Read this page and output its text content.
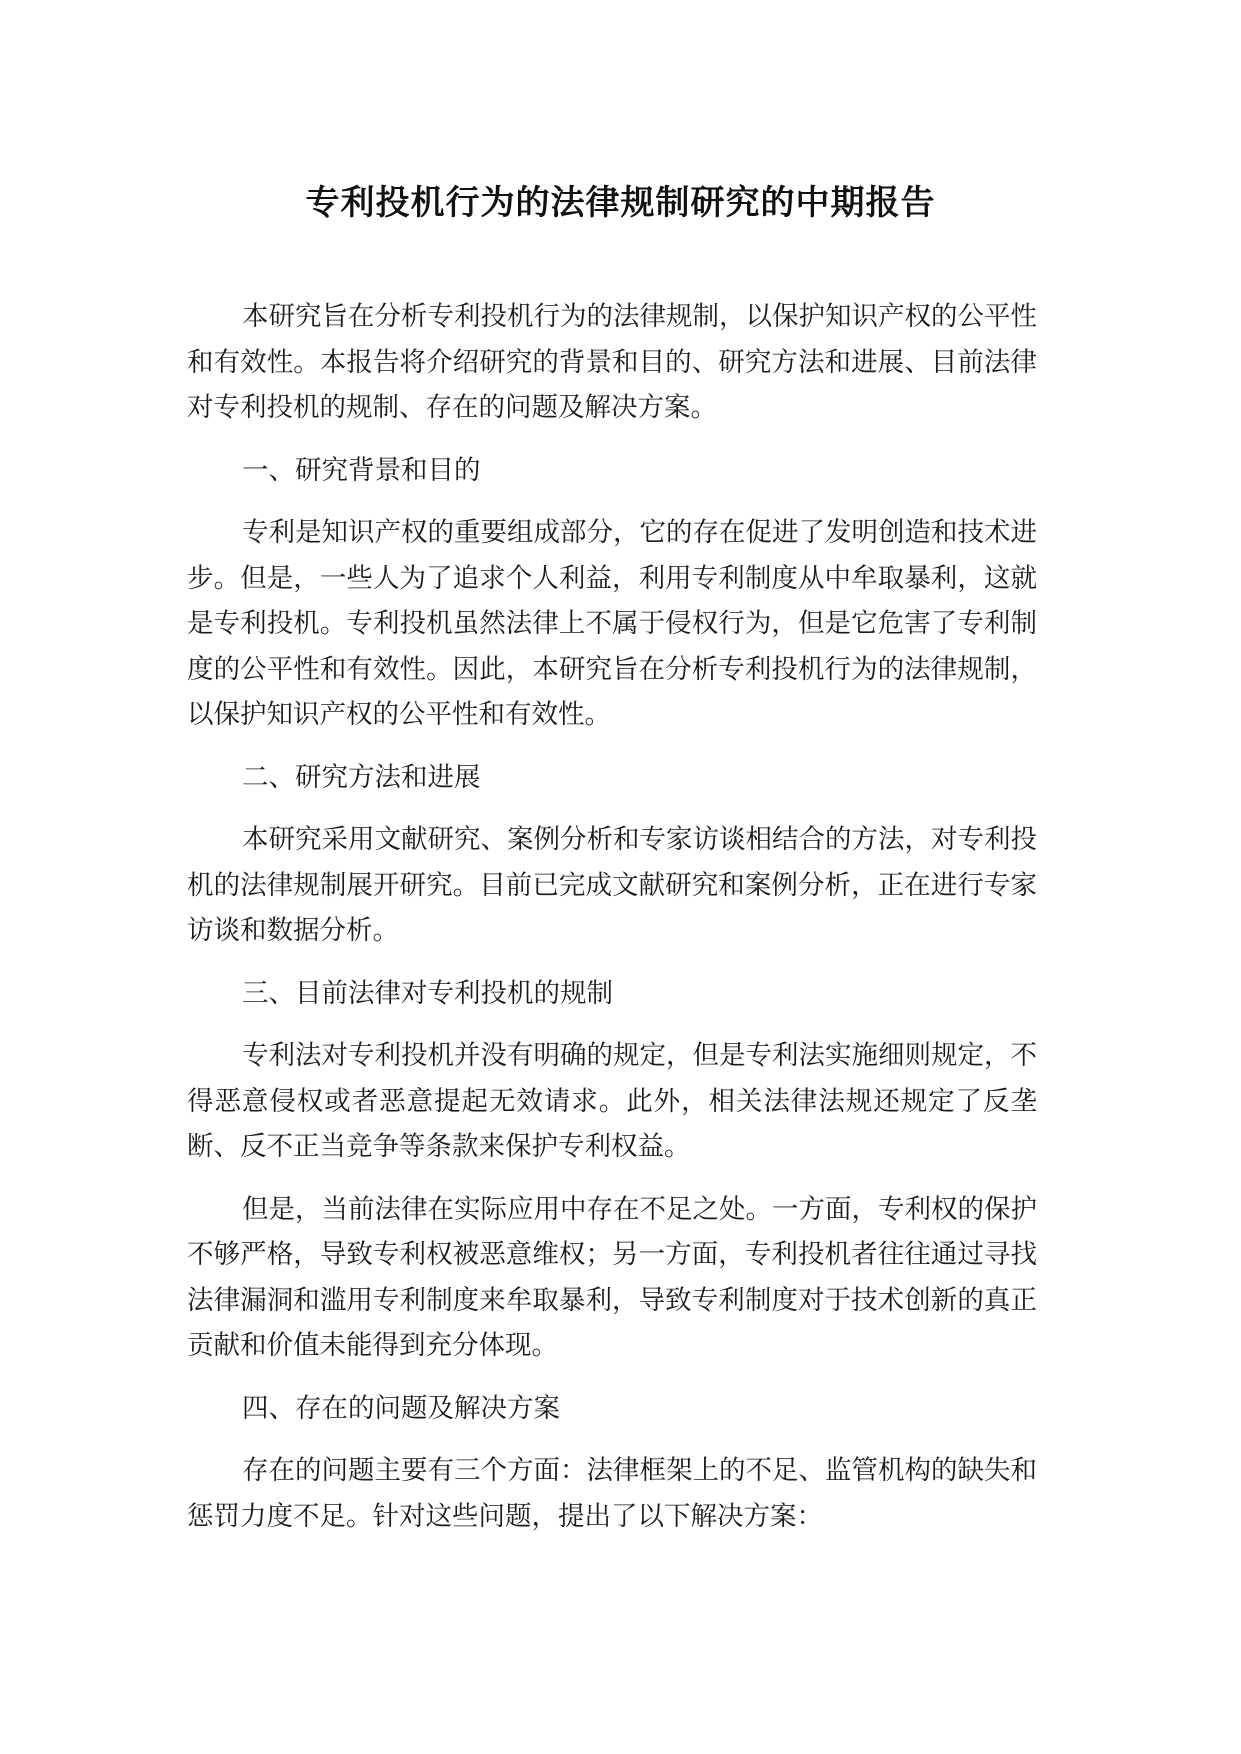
专利投机行为的法律规制研究的中期报告

本研究旨在分析专利投机行为的法律规制，以保护知识产权的公平性和有效性。本报告将介绍研究的背景和目的、研究方法和进展、目前法律对专利投机的规制、存在的问题及解决方案。

一、研究背景和目的

专利是知识产权的重要组成部分，它的存在促进了发明创造和技术进步。但是，一些人为了追求个人利益，利用专利制度从中牟取暴利，这就是专利投机。专利投机虽然法律上不属于侵权行为，但是它危害了专利制度的公平性和有效性。因此，本研究旨在分析专利投机行为的法律规制，以保护知识产权的公平性和有效性。

二、研究方法和进展

本研究采用文献研究、案例分析和专家访谈相结合的方法，对专利投机的法律规制展开研究。目前已完成文献研究和案例分析，正在进行专家访谈和数据分析。

三、目前法律对专利投机的规制

专利法对专利投机并没有明确的规定，但是专利法实施细则规定，不得恶意侵权或者恶意提起无效请求。此外，相关法律法规还规定了反垄断、反不正当竞争等条款来保护专利权益。

但是，当前法律在实际应用中存在不足之处。一方面，专利权的保护不够严格，导致专利权被恶意维权；另一方面，专利投机者往往通过寻找法律漏洞和滥用专利制度来牟取暴利，导致专利制度对于技术创新的真正贡献和价值未能得到充分体现。

四、存在的问题及解决方案

存在的问题主要有三个方面：法律框架上的不足、监管机构的缺失和惩罚力度不足。针对这些问题，提出了以下解决方案：
